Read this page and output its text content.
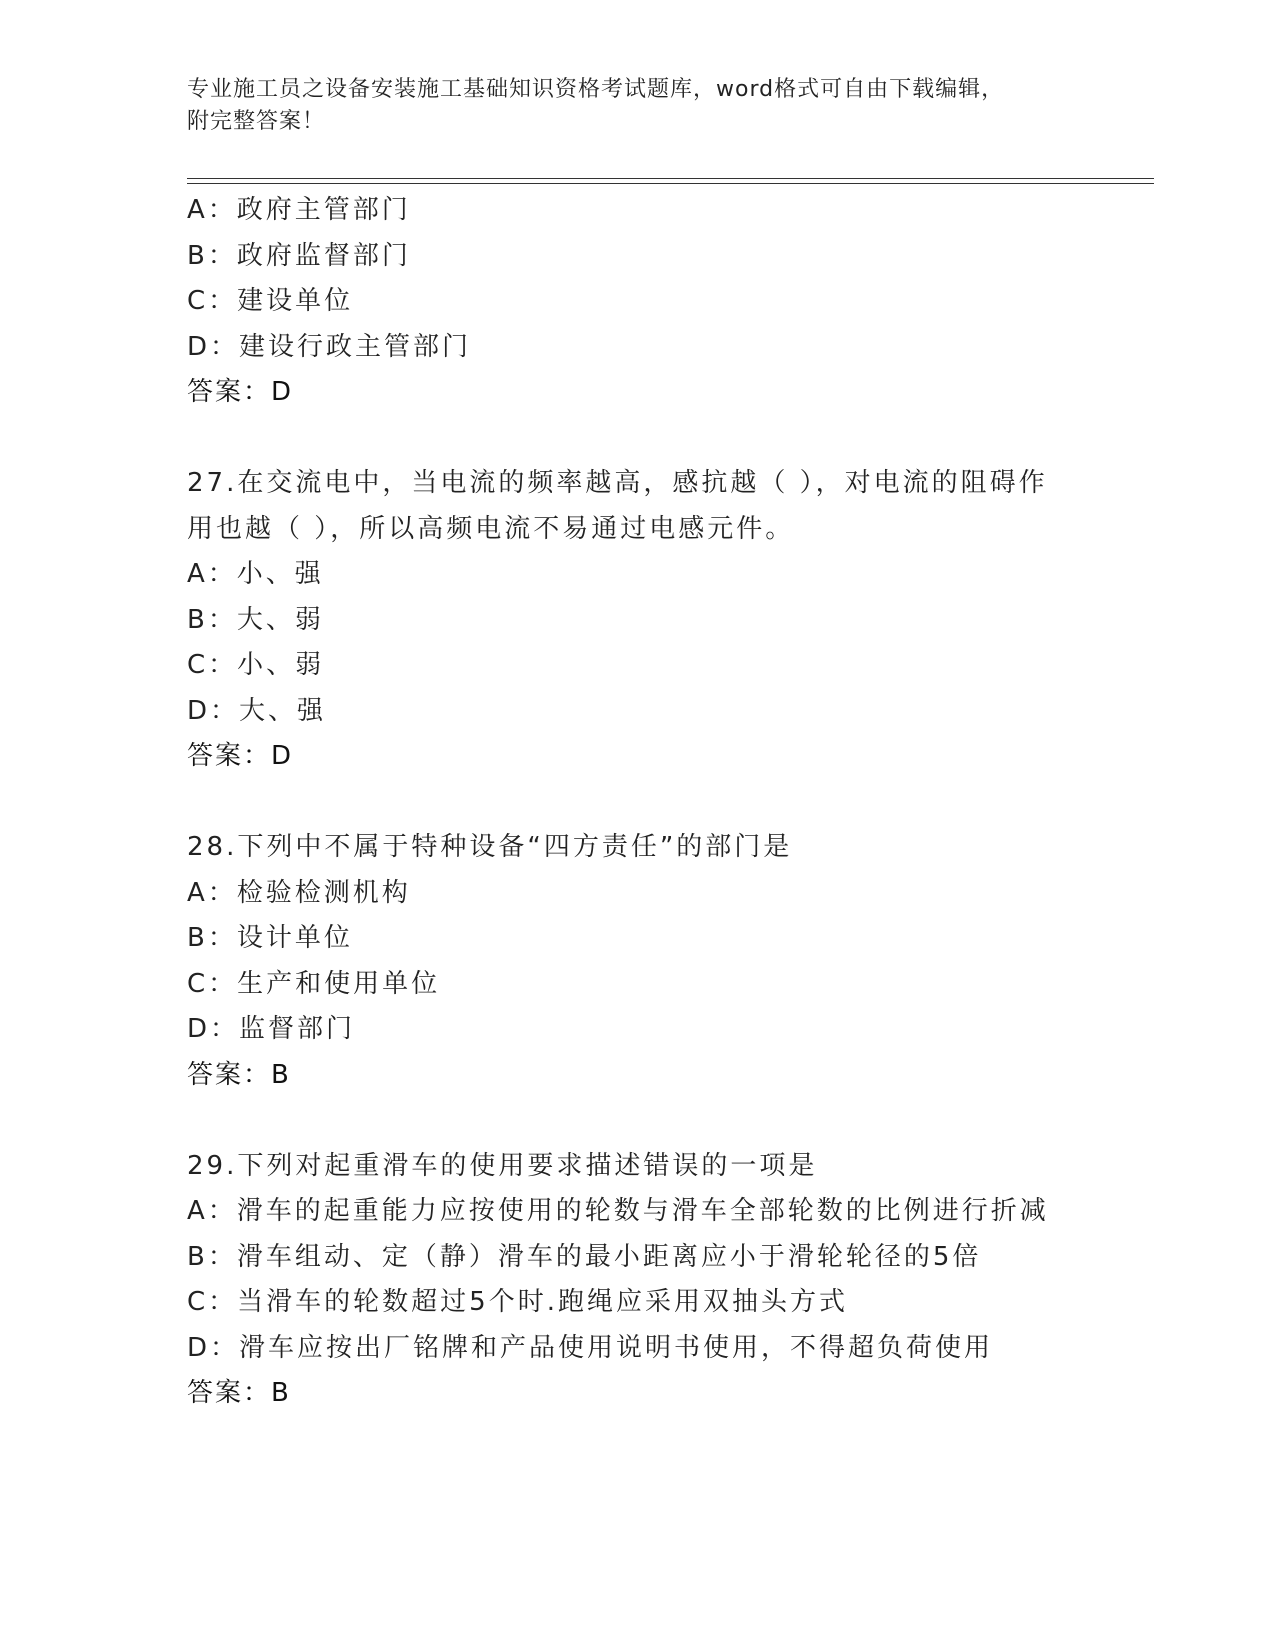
专业施工员之设备安装施工基础知识资格考试题库，word格式可自由下载编辑，
附完整答案！
A：政府主管部门
B：政府监督部门
C：建设单位
D：建设行政主管部门
答案：D
27.在交流电中，当电流的频率越高，感抗越（ ），对电流的阻碍作
用也越（ ），所以高频电流不易通过电感元件。
A：小、强
B：大、弱
C：小、弱
D：大、强
答案：D
28.下列中不属于特种设备“四方责任”的部门是
A：检验检测机构
B：设计单位
C：生产和使用单位
D：监督部门
答案：B
29.下列对起重滑车的使用要求描述错误的一项是
A：滑车的起重能力应按使用的轮数与滑车全部轮数的比例进行折减
B：滑车组动、定（静）滑车的最小距离应小于滑轮轮径的5倍
C：当滑车的轮数超过5个时.跑绳应采用双抽头方式
D：滑车应按出厂铭牌和产品使用说明书使用，不得超负荷使用
答案：B
